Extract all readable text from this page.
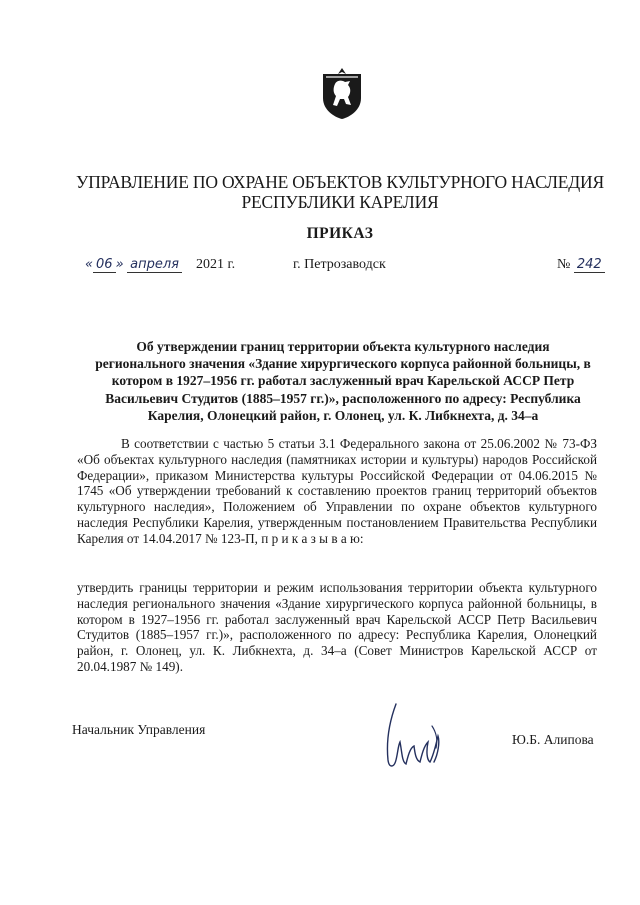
УПРАВЛЕНИЕ ПО ОХРАНЕ ОБЪЕКТОВ КУЛЬТУРНОГО НАСЛЕДИЯ
РЕСПУБЛИКИ КАРЕЛИЯ
ПРИКАЗ
« 06 » апреля 2021 г.	г. Петрозаводск	№ 242
Об утверждении границ территории объекта культурного наследия
регионального значения «Здание хирургического корпуса районной больницы, в
котором в 1927–1956 гг. работал заслуженный врач Карельской АССР Петр
Васильевич Студитов (1885–1957 гг.)», расположенного по адресу: Республика
Карелия, Олонецкий район, г. Олонец, ул. К. Либкнехта, д. 34–а
В соответствии с частью 5 статьи 3.1 Федерального закона от 25.06.2002 № 73-ФЗ «Об объектах культурного наследия (памятниках истории и культуры) народов Российской Федерации», приказом Министерства культуры Российской Федерации от 04.06.2015 № 1745 «Об утверждении требований к составлению проектов границ территорий объектов культурного наследия», Положением об Управлении по охране объектов культурного наследия Республики Карелия, утвержденным постановлением Правительства Республики Карелия от 14.04.2017 № 123-П, п р и к а з ы в а ю:
утвердить границы территории и режим использования территории объекта культурного наследия регионального значения «Здание хирургического корпуса районной больницы, в котором в 1927–1956 гг. работал заслуженный врач Карельской АССР Петр Васильевич Студитов (1885–1957 гг.)», расположенного по адресу: Республика Карелия, Олонецкий район, г. Олонец, ул. К. Либкнехта, д. 34–а (Совет Министров Карельской АССР от 20.04.1987 № 149).
Начальник Управления
Ю.Б. Алипова
